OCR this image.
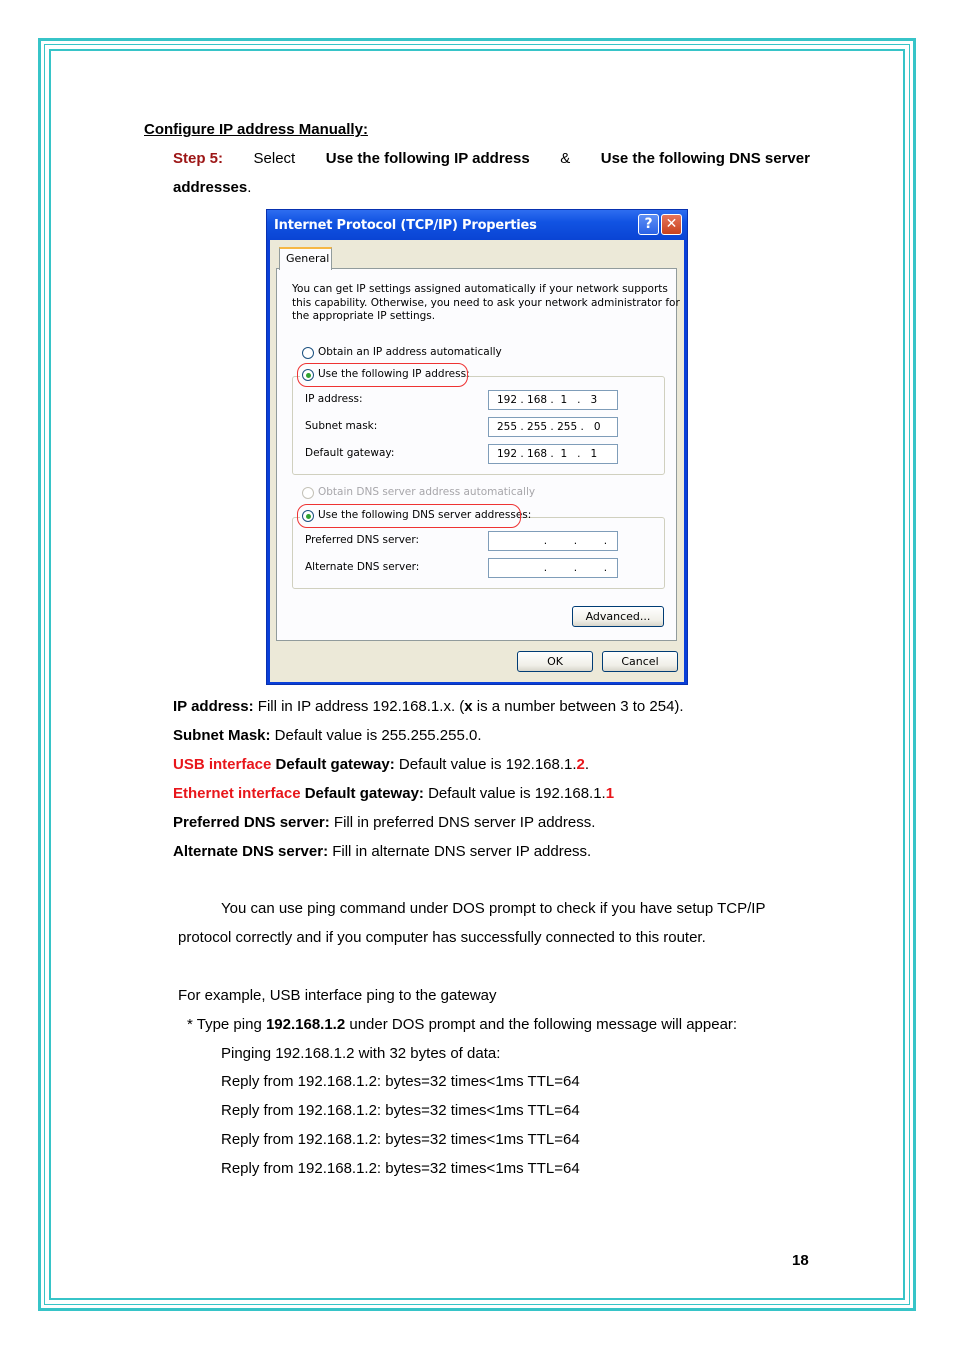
Configure IP address Manually:
Step 5: Select Use the following IP address & Use the following DNS server
addresses.
Internet Protocol (TCP/IP) Properties	? ✕
You can get IP settings assigned automatically if your network supports
this capability. Otherwise, you need to ask your network administrator for
the appropriate IP settings.
Obtain an IP address automatically
Use the following IP address:
IP address:	192 . 168 .  1   .   3
Subnet mask:	255 . 255 . 255 .   0
Default gateway:	192 . 168 .  1   .   1
Obtain DNS server address automatically
Use the following DNS server addresses:
Preferred DNS server:	.        .        .
Alternate DNS server:	.        .        .
Advanced...
General
OK	Cancel
IP address: Fill in IP address 192.168.1.x. (x is a number between 3 to 254).
Subnet Mask: Default value is 255.255.255.0.
USB interface Default gateway: Default value is 192.168.1.2.
Ethernet interface Default gateway: Default value is 192.168.1.1
Preferred DNS server: Fill in preferred DNS server IP address.
Alternate DNS server: Fill in alternate DNS server IP address.
You can use ping command under DOS prompt to check if you have setup TCP/IP
protocol correctly and if you computer has successfully connected to this router.
For example, USB interface ping to the gateway
* Type ping 192.168.1.2 under DOS prompt and the following message will appear:
Pinging 192.168.1.2 with 32 bytes of data:
Reply from 192.168.1.2: bytes=32 times<1ms TTL=64
Reply from 192.168.1.2: bytes=32 times<1ms TTL=64
Reply from 192.168.1.2: bytes=32 times<1ms TTL=64
Reply from 192.168.1.2: bytes=32 times<1ms TTL=64
18
